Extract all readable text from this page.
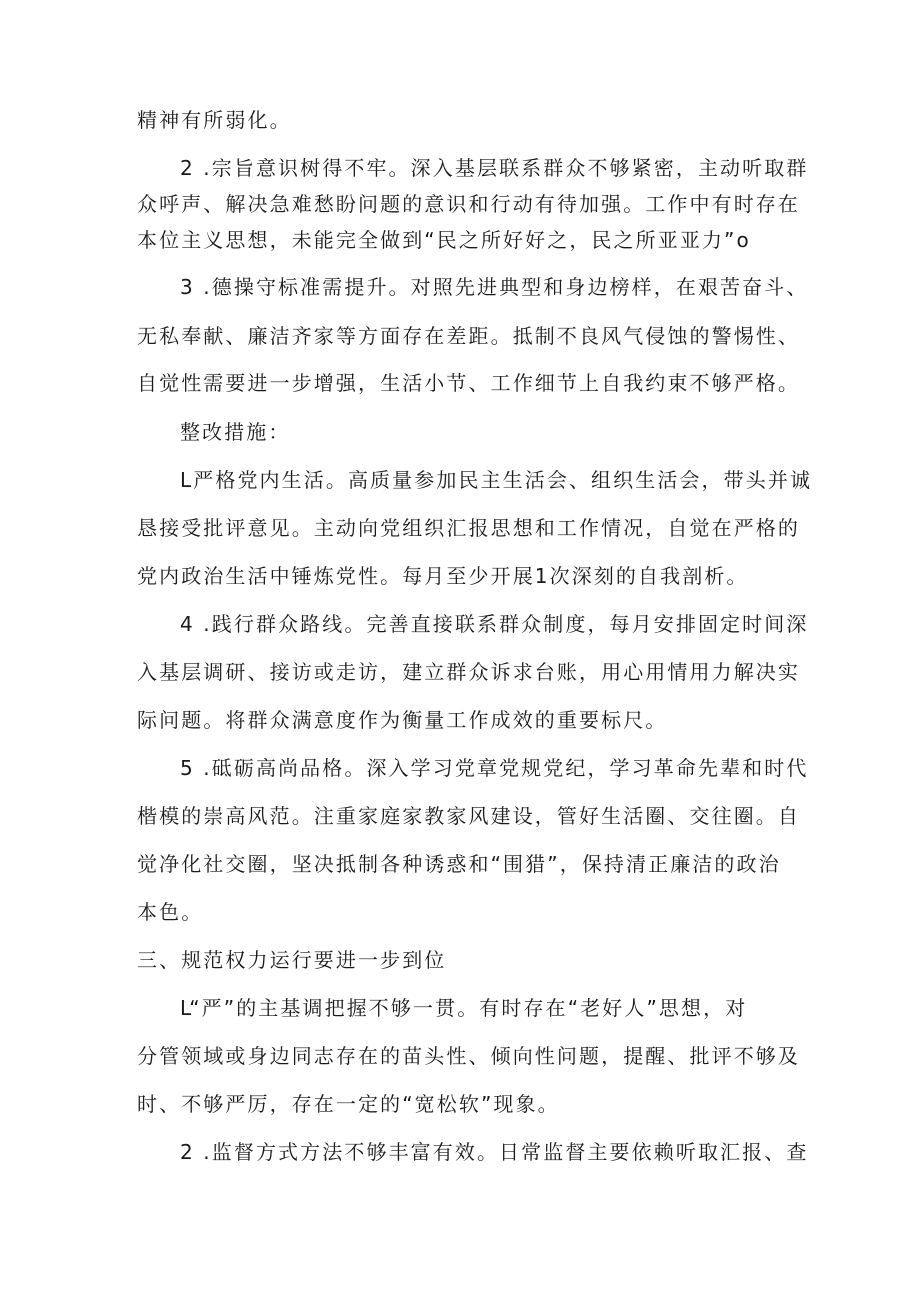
精神有所弱化。
2 .宗旨意识树得不牢。深入基层联系群众不够紧密，主动听取群
众呼声、解决急难愁盼问题的意识和行动有待加强。工作中有时存在
本位主义思想，未能完全做到“民之所好好之，民之所亚亚力”o
3 .德操守标准需提升。对照先进典型和身边榜样，在艰苦奋斗、
无私奉献、廉洁齐家等方面存在差距。抵制不良风气侵蚀的警惕性、
自觉性需要进一步增强，生活小节、工作细节上自我约束不够严格。
整改措施：
L严格党内生活。高质量参加民主生活会、组织生活会，带头并诚
恳接受批评意见。主动向党组织汇报思想和工作情况，自觉在严格的
党内政治生活中锤炼党性。每月至少开展1次深刻的自我剖析。
4 .践行群众路线。完善直接联系群众制度，每月安排固定时间深
入基层调研、接访或走访，建立群众诉求台账，用心用情用力解决实
际问题。将群众满意度作为衡量工作成效的重要标尺。
5 .砥砺高尚品格。深入学习党章党规党纪，学习革命先辈和时代
楷模的崇高风范。注重家庭家教家风建设，管好生活圈、交往圈。自
觉净化社交圈，坚决抵制各种诱惑和“围猎”，保持清正廉洁的政治
本色。
三、规范权力运行要进一步到位
L“严”的主基调把握不够一贯。有时存在“老好人”思想，对
分管领域或身边同志存在的苗头性、倾向性问题，提醒、批评不够及
时、不够严厉，存在一定的“宽松软”现象。
2 .监督方式方法不够丰富有效。日常监督主要依赖听取汇报、查
